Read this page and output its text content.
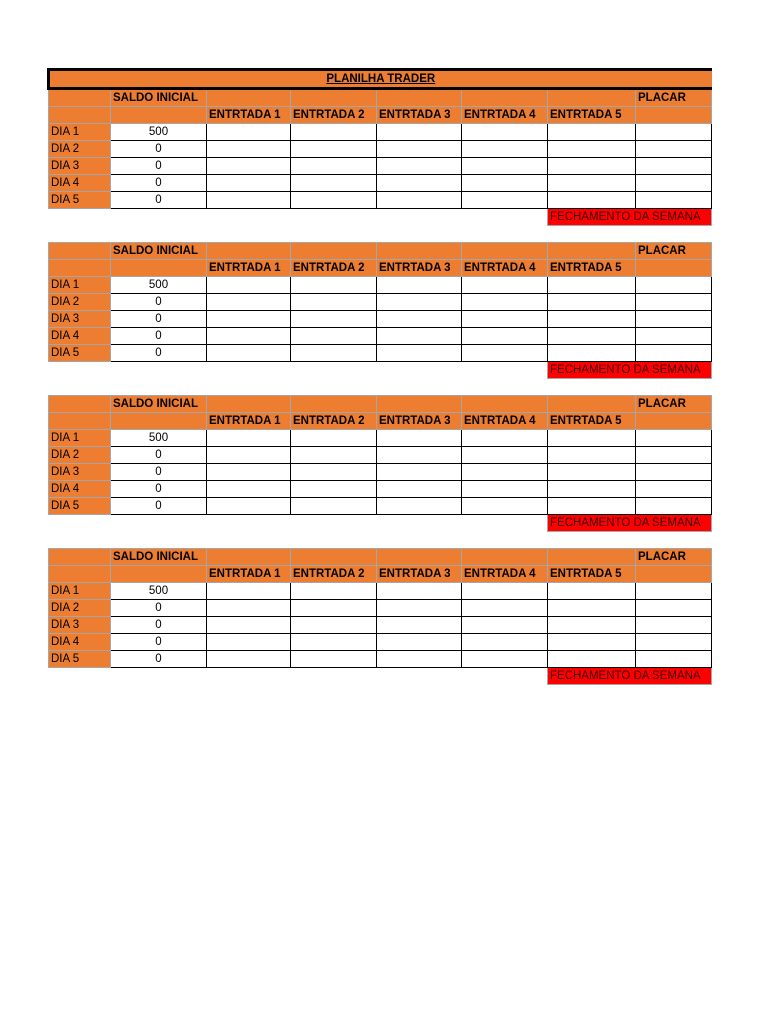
PLANILHA TRADER							
	SALDO INICIAL						PLACAR
		ENTRTADA 1	ENTRTADA 2	ENTRTADA 3	ENTRTADA 4	ENTRTADA 5	
DIA 1	500						
DIA 2	0						
DIA 3	0						
DIA 4	0						
DIA 5	0						
						FECHAMENTO DA SEMANA	

	SALDO INICIAL						PLACAR
		ENTRTADA 1	ENTRTADA 2	ENTRTADA 3	ENTRTADA 4	ENTRTADA 5	
DIA 1	500						
DIA 2	0						
DIA 3	0						
DIA 4	0						
DIA 5	0						
						FECHAMENTO DA SEMANA	

	SALDO INICIAL						PLACAR
		ENTRTADA 1	ENTRTADA 2	ENTRTADA 3	ENTRTADA 4	ENTRTADA 5	
DIA 1	500						
DIA 2	0						
DIA 3	0						
DIA 4	0						
DIA 5	0						
						FECHAMENTO DA SEMANA	

	SALDO INICIAL						PLACAR
		ENTRTADA 1	ENTRTADA 2	ENTRTADA 3	ENTRTADA 4	ENTRTADA 5	
DIA 1	500						
DIA 2	0						
DIA 3	0						
DIA 4	0						
DIA 5	0						
						FECHAMENTO DA SEMANA	
